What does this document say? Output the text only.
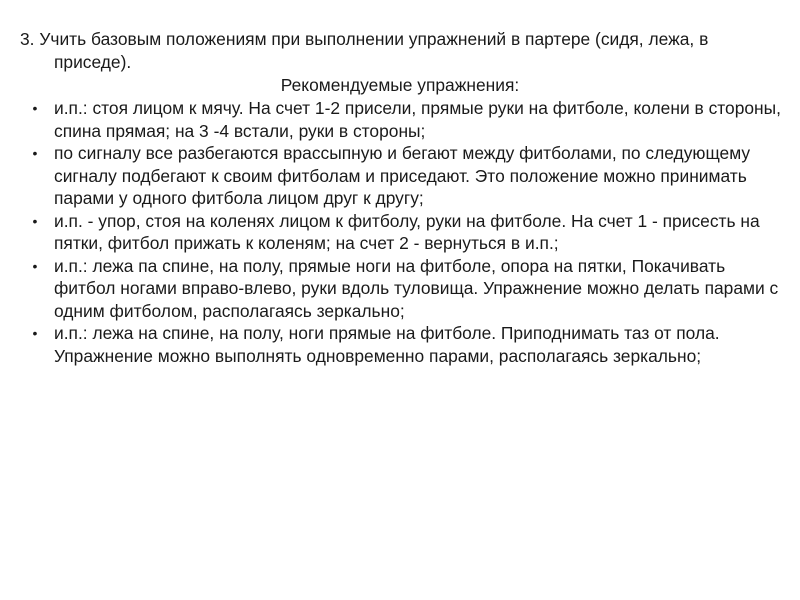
3. Учить базовым положениям при выполнении упражнений в партере (сидя, лежа, в приседе).

Рекомендуемые упражнения:

• и.п.: стоя лицом к мячу. На счет 1-2 присели, прямые руки на фитболе, колени в стороны, спина прямая; на 3 -4 встали, руки в стороны;
• по сигналу все разбегаются врассыпную и бегают между фитболами, по следующему сигналу подбегают к своим фитболам и приседают. Это положение можно принимать парами у одного фитбола лицом друг к другу;
• и.п. - упор, стоя на коленях лицом к фитболу, руки на фитболе. На счет 1 - присесть на пятки, фитбол прижать к коленям; на счет 2 - вернуться в и.п.;
• и.п.: лежа па спине, на полу, прямые ноги на фитболе, опора на пятки, Покачивать фитбол ногами вправо-влево, руки вдоль туловища. Упражнение можно делать парами с одним фитболом, располагаясь зеркально;
• и.п.: лежа на спине, на полу, ноги прямые на фитболе. Приподнимать таз от пола. Упражнение можно выполнять одновременно парами, располагаясь зеркально;
